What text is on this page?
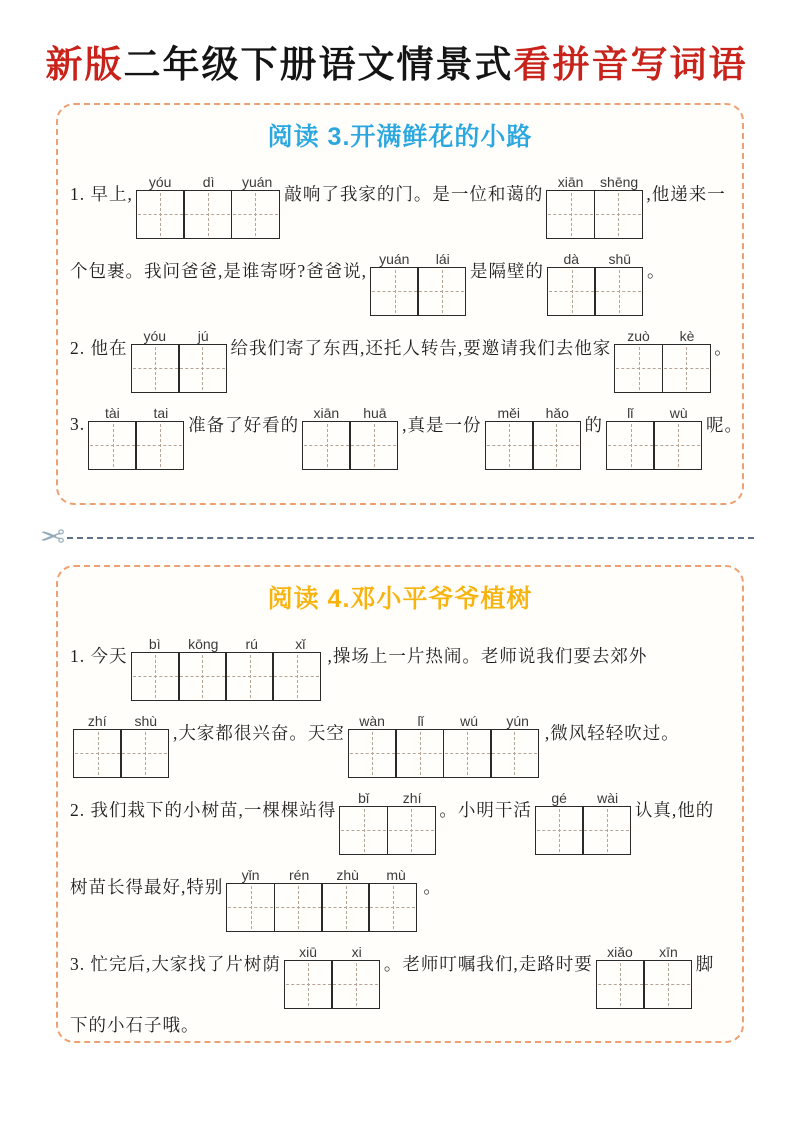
新版二年级下册语文情景式看拼音写词语
阅读 3.开满鲜花的小路
1. 早上,
yóu	dì	yuán
敲响了我家的门。是一位和蔼的
xiān	shēng
,他递来一
个包裹。我问爸爸,是谁寄呀?爸爸说,
yuán	lái
是隔壁的
dà	shū
。
2. 他在
yóu	jú
给我们寄了东西,还托人转告,要邀请我们去他家
zuò	kè
。
3.
tài	tai
准备了好看的
xiān	huā
,真是一份
měi	hǎo
的
lǐ	wù
呢。
✂
阅读 4.邓小平爷爷植树
1. 今天
bì	kōng	rú	xǐ
,操场上一片热闹。老师说我们要去郊外
zhí	shù
,大家都很兴奋。天空
wàn	lǐ	wú	yún
,微风轻轻吹过。
2. 我们栽下的小树苗,一棵棵站得
bǐ	zhí
。小明干活
gé	wài
认真,他的
树苗长得最好,特别
yǐn	rén	zhù	mù
。
3. 忙完后,大家找了片树荫
xiū	xi
。老师叮嘱我们,走路时要
xiǎo	xīn
脚
下的小石子哦。
